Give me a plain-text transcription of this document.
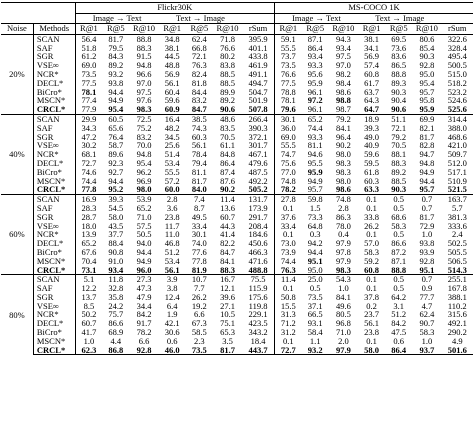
		Flickr30K							MS-COCO 1K						
		Image → Text			Text → Image				Image → Text			Text → Image			
Noise	Methods	R@1	R@5	R@10	R@1	R@5	R@10	rSum	R@1	R@5	R@10	R@1	R@5	R@10	rSum
20%	SCAN	56.4	81.7	88.8	34.8	62.4	71.8	395.9	59.1	87.1	94.3	38.1	69.5	80.6	322.6
	SAF	51.8	79.5	88.3	38.1	66.8	76.6	401.1	55.5	86.4	93.4	34.1	73.6	85.4	328.4
	SGR	61.2	84.3	91.5	44.5	72.1	80.2	433.8	73.7	93.4	97.5	56.9	83.6	90.3	495.4
	VSE∞	69.0	89.2	94.8	48.8	76.3	83.8	461.9	73.5	93.3	97.0	57.4	86.5	92.8	500.5
	NCR*	73.5	93.2	96.6	56.9	82.4	88.5	491.1	76.6	95.6	98.2	60.8	88.8	95.0	515.0
	DECL*	77.5	93.8	97.0	56.1	81.8	88.5	494.7	77.5	95.9	98.4	61.7	89.3	95.4	518.2
	BiCro*	78.1	94.4	97.5	60.4	84.4	89.9	504.7	78.8	96.1	98.6	63.7	90.3	95.7	523.2
	MSCN*	77.4	94.9	97.6	59.6	83.2	89.2	501.9	78.1	97.2	98.8	64.3	90.4	95.8	524.6
	CRCL*	77.9	95.4	98.3	60.9	84.7	90.6	507.8	79.6	96.1	98.7	64.7	90.6	95.9	525.6
40%	SCAN	29.9	60.5	72.5	16.4	38.5	48.6	266.4	30.1	65.2	79.2	18.9	51.1	69.9	314.4
	SAF	34.3	65.6	75.2	48.2	74.3	83.5	390.3	36.0	74.4	84.1	39.3	72.1	82.1	388.0
	SGR	47.2	76.4	83.2	34.5	60.3	70.5	372.1	69.0	93.3	96.4	49.0	79.2	81.7	468.6
	VSE∞	30.2	58.7	70.0	25.6	56.1	61.1	301.7	55.5	81.1	90.2	40.9	70.5	82.8	421.0
	NCR*	68.1	89.6	94.8	51.4	78.4	84.8	467.1	74.7	94.6	98.0	59.6	88.1	94.7	509.7
	DECL*	72.7	92.3	95.4	53.4	79.4	86.4	479.6	75.6	95.5	98.3	59.5	88.3	94.8	512.0
	BiCro*	74.6	92.7	96.2	55.5	81.1	87.4	487.5	77.0	95.9	98.3	61.8	89.2	94.9	517.1
	MSCN*	74.4	94.4	96.9	57.2	81.7	87.6	492.2	74.8	94.9	98.0	60.3	88.5	94.4	510.9
	CRCL*	77.8	95.2	98.0	60.0	84.0	90.2	505.2	78.2	95.7	98.6	63.3	90.3	95.7	521.5
60%	SCAN	16.9	39.3	53.9	2.8	7.4	11.4	131.7	27.8	59.8	74.8	0.1	0.5	0.7	163.7
	SAF	28.3	54.5	65.2	3.6	8.7	13.6	173.9	0.1	1.5	2.8	0.1	0.5	0.7	5.7
	SGR	28.7	58.0	71.0	23.8	49.5	60.7	291.7	37.6	73.3	86.3	33.8	68.6	81.7	381.3
	VSE∞	18.0	43.5	57.5	11.7	33.4	44.3	208.4	33.4	64.8	78.0	26.2	58.3	72.9	333.6
	NCR*	13.9	37.7	50.5	11.0	30.1	41.4	184.6	0.1	0.3	0.4	0.1	0.5	1.0	2.4
	DECL*	65.2	88.4	94.0	46.8	74.0	82.2	450.6	73.0	94.2	97.9	57.0	86.6	93.8	502.5
	BiCro*	67.6	90.8	94.4	51.2	77.6	84.7	466.3	73.9	94.4	97.8	58.3	87.2	93.9	505.5
	MSCN*	70.4	91.0	94.9	53.4	77.8	84.1	471.6	74.4	95.1	97.9	59.2	87.1	92.8	506.5
	CRCL*	73.1	93.4	96.0	56.1	81.9	88.3	488.8	76.3	95.0	98.3	60.8	88.8	95.1	514.3
80%	SCAN	5.1	11.8	27.3	3.9	10.7	16.7	75.5	11.4	25.0	54.3	0.1	0.5	0.7	255.1
	SAF	12.2	32.8	47.3	3.8	7.7	12.1	115.9	0.1	0.5	1.0	0.1	0.5	0.9	167.8
	SGR	13.7	35.8	47.9	12.4	26.2	39.6	175.6	50.8	73.5	84.1	37.8	64.2	77.7	388.1
	VSE∞	8.5	24.2	34.4	6.4	19.2	27.1	119.8	15.5	37.1	49.6	0.2	3.1	4.7	110.2
	NCR*	50.2	75.7	84.2	1.9	6.6	10.5	229.1	31.3	66.5	80.5	23.7	51.2	62.4	315.6
	DECL*	60.7	86.6	91.7	42.1	67.3	75.1	423.5	71.2	93.1	96.8	56.1	84.2	90.7	492.1
	BiCro*	41.7	68.9	78.2	30.6	58.5	65.3	343.2	31.2	58.4	71.0	23.8	47.5	58.3	290.2
	MSCN*	1.0	4.4	6.6	0.6	2.3	3.5	18.4	0.1	1.1	2.0	0.1	0.6	1.0	4.9
	CRCL*	62.3	86.8	92.8	46.0	73.5	81.7	443.7	72.7	93.2	97.9	58.0	86.4	93.7	501.6
